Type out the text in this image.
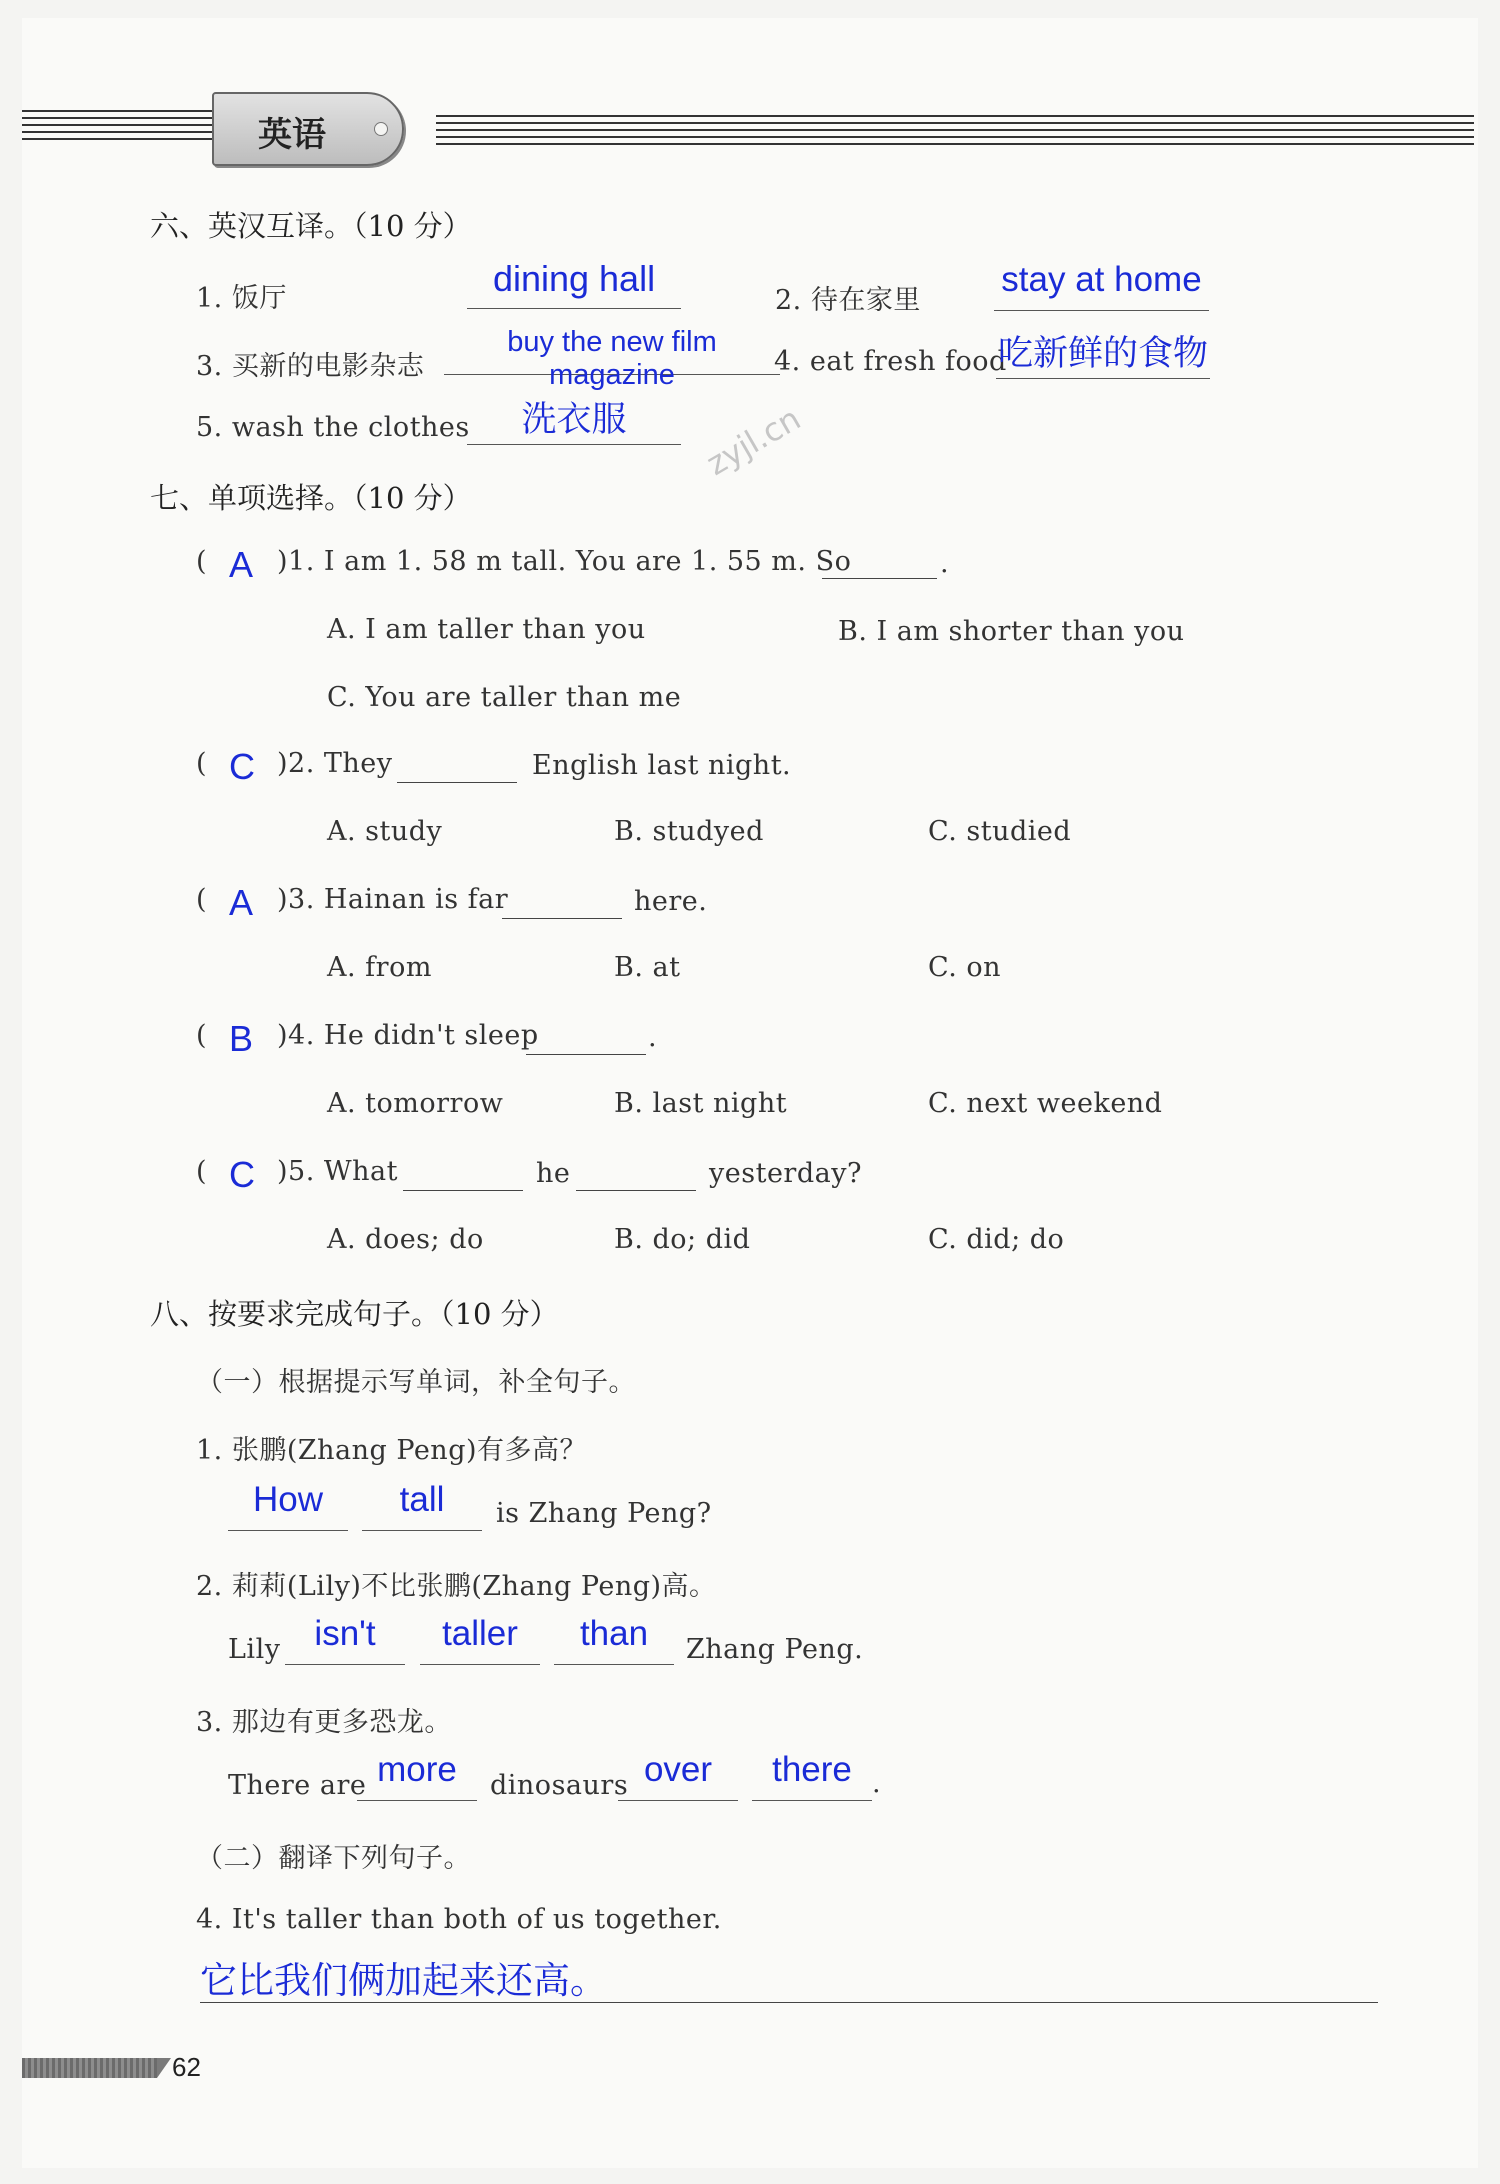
英语
zyjl.cn
六、英汉互译。（10 分）
1. 饭厅	dining hall
2. 待在家里
stay at home
3. 买新的电影杂志
buy the new film magazine	4. eat fresh food
吃新鲜的食物
5. wash the clothes	洗衣服
七、单项选择。（10 分）
( A )1. I am 1. 58 m tall. You are 1. 55 m. So	.
A. I am taller than you	B. I am shorter than you
C. You are taller than me
( C )2. They	English last night.
A. study	B. studyed	C. studied
( A )3. Hainan is far	here.
A. from	B. at	C. on
( B )4. He didn't sleep	.
A. tomorrow	B. last night	C. next weekend
( C )5. What	he	yesterday?
A. does; do	B. do; did	C. did; do
八、按要求完成句子。（10 分）
（一）根据提示写单词，补全句子。
1. 张鹏(Zhang Peng)有多高？
How	tall	is Zhang Peng?
2. 莉莉(Lily)不比张鹏(Zhang Peng)高。
Lily isn't	taller	than	Zhang Peng.
3. 那边有更多恐龙。
There are more	dinosaurs over	there .
（二）翻译下列句子。
4. It's taller than both of us together.
它比我们俩加起来还高。
62
